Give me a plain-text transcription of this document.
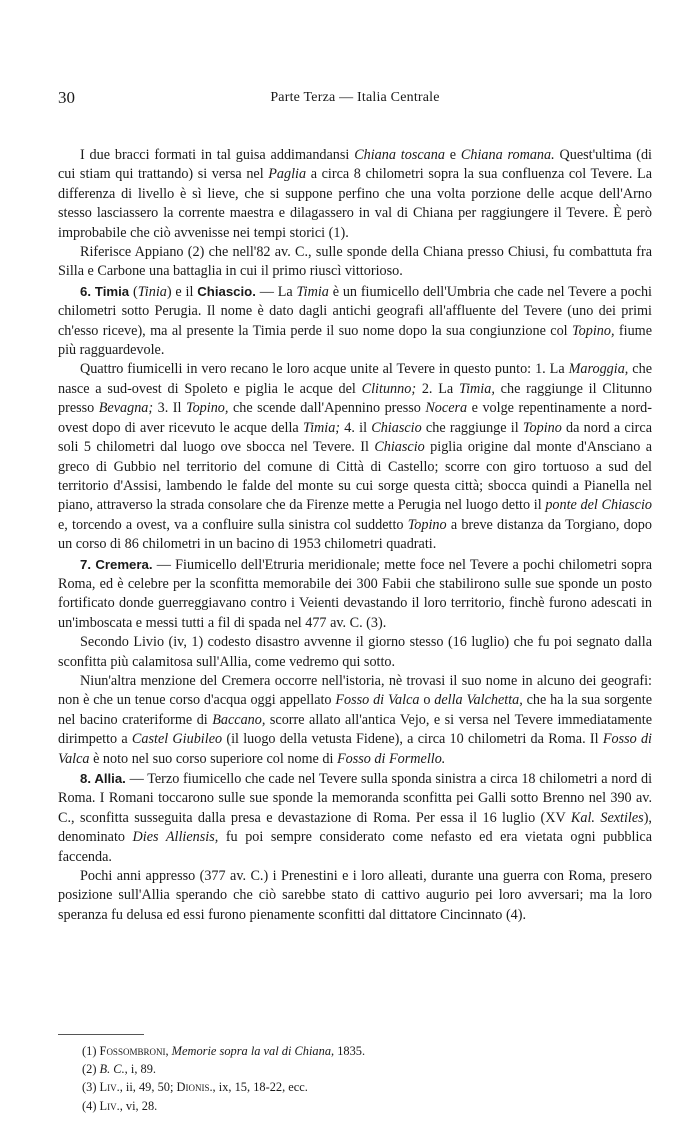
30	Parte Terza — Italia Centrale

I due bracci formati in tal guisa addimandansi Chiana toscana e Chiana romana. Quest'ultima (di cui stiam qui trattando) si versa nel Paglia a circa 8 chilometri sopra la sua confluenza col Tevere. La differenza di livello è sì lieve, che si suppone perfino che una volta porzione delle acque dell'Arno stesso lasciassero la corrente maestra e dilagassero in val di Chiana per raggiungere il Tevere. È però improbabile che ciò avvenisse nei tempi storici (1).

Riferisce Appiano (2) che nell'82 av. C., sulle sponde della Chiana presso Chiusi, fu combattuta fra Silla e Carbone una battaglia in cui il primo riuscì vittorioso.

6. Timia (Tinia) e il Chiascio. — La Timia è un fiumicello dell'Umbria che cade nel Tevere a pochi chilometri sotto Perugia. Il nome è dato dagli antichi geografi all'affluente del Tevere (uno dei primi ch'esso riceve), ma al presente la Timia perde il suo nome dopo la sua congiunzione col Topino, fiume più ragguardevole.

Quattro fiumicelli in vero recano le loro acque unite al Tevere in questo punto: 1. La Maroggia, che nasce a sud-ovest di Spoleto e piglia le acque del Clitunno; 2. La Timia, che raggiunge il Clitunno presso Bevagna; 3. Il Topino, che scende dall'Apennino presso Nocera e volge repentinamente a nord-ovest dopo di aver ricevuto le acque della Timia; 4. il Chiascio che raggiunge il Topino da nord a circa soli 5 chilometri dal luogo ove sbocca nel Tevere. Il Chiascio piglia origine dal monte d'Ansciano a greco di Gubbio nel territorio del comune di Città di Castello; scorre con giro tortuoso a sud del territorio d'Assisi, lambendo le falde del monte su cui sorge questa città; sbocca quindi a Pianella nel piano, attraverso la strada consolare che da Firenze mette a Perugia nel luogo detto il ponte del Chiascio e, torcendo a ovest, va a confluire sulla sinistra col suddetto Topino a breve distanza da Torgiano, dopo un corso di 86 chilometri in un bacino di 1953 chilometri quadrati.

7. Cremera. — Fiumicello dell'Etruria meridionale; mette foce nel Tevere a pochi chilometri sopra Roma, ed è celebre per la sconfitta memorabile dei 300 Fabii che stabilirono sulle sue sponde un posto fortificato donde guerreggiavano contro i Veienti devastando il loro territorio, finchè furono adescati in un'imboscata e messi tutti a fil di spada nel 477 av. C. (3).

Secondo Livio (iv, 1) codesto disastro avvenne il giorno stesso (16 luglio) che fu poi segnato dalla sconfitta più calamitosa sull'Allia, come vedremo qui sotto.

Niun'altra menzione del Cremera occorre nell'istoria, nè trovasi il suo nome in alcuno dei geografi: non è che un tenue corso d'acqua oggi appellato Fosso di Valca o della Valchetta, che ha la sua sorgente nel bacino crateriforme di Baccano, scorre allato all'antica Vejo, e si versa nel Tevere immediatamente dirimpetto a Castel Giubileo (il luogo della vetusta Fidene), a circa 10 chilometri da Roma. Il Fosso di Valca è noto nel suo corso superiore col nome di Fosso di Formello.

8. Allia. — Terzo fiumicello che cade nel Tevere sulla sponda sinistra a circa 18 chilometri a nord di Roma. I Romani toccarono sulle sue sponde la memoranda sconfitta pei Galli sotto Brenno nel 390 av. C., sconfitta susseguita dalla presa e devastazione di Roma. Per essa il 16 luglio (XV Kal. Sextiles), denominato Dies Alliensis, fu poi sempre considerato come nefasto ed era vietata ogni pubblica faccenda.

Pochi anni appresso (377 av. C.) i Prenestini e i loro alleati, durante una guerra con Roma, presero posizione sull'Allia sperando che ciò sarebbe stato di cattivo augurio pei loro avversari; ma la loro speranza fu delusa ed essi furono pienamente sconfitti dal dittatore Cincinnato (4).

(1) Fossombroni, Memorie sopra la val di Chiana, 1835.
(2) B. C., i, 89.
(3) Liv., ii, 49, 50; Dionis., ix, 15, 18-22, ecc.
(4) Liv., vi, 28.
